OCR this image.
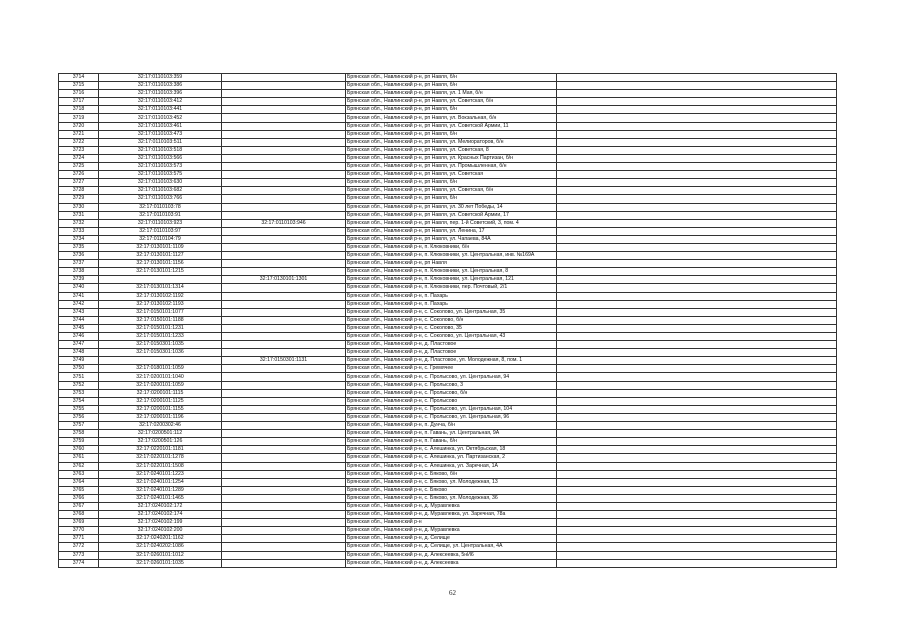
3714	32:17:0110103:359		Брянская обл., Навлинский р-н, рп Навля, б/н	
3715	32:17:0110103:386		Брянская обл., Навлинский р-н, рп Навля, б/н	
3716	32:17:0110103:396		Брянская обл., Навлинский р-н, рп Навля, ул. 1 Мая, б/н	
3717	32:17:0110103:412		Брянская обл., Навлинский р-н, рп Навля, ул. Советская, б/н	
3718	32:17:0110103:441		Брянская обл., Навлинский р-н, рп Навля, б/н	
3719	32:17:0110103:452		Брянская обл., Навлинский р-н, рп Навля, ул. Вокзальная, б/н	
3720	32:17:0110103:461		Брянская обл., Навлинский р-н, рп Навля, ул. Советской Армии, 11	
3721	32:17:0110103:473		Брянская обл., Навлинский р-н, рп Навля, б/н	
3722	32:17:0110103:511		Брянская обл., Навлинский р-н, рп Навля, ул. Мелиораторов, б/н	
3723	32:17:0110103:518		Брянская обл., Навлинский р-н, рп Навля, ул. Советская, 8	
3724	32:17:0110103:566		Брянская обл., Навлинский р-н, рп Навля, ул. Красных Партизан, б/н	
3725	32:17:0110103:573		Брянская обл., Навлинский р-н, рп Навля, ул. Промышленная, б/н	
3726	32:17:0110103:575		Брянская обл., Навлинский р-н, рп Навля, ул. Советская	
3727	32:17:0110103:630		Брянская обл., Навлинский р-н, рп Навля, б/н	
3728	32:17:0110103:682		Брянская обл., Навлинский р-н, рп Навля, ул. Советская, б/н	
3729	32:17:0110103:766		Брянская обл., Навлинский р-н, рп Навля, б/н	
3730	32:17:0110103:78		Брянская обл., Навлинский р-н, рп Навля, ул. 30 лет Победы, 14	
3731	32:17:0110103:91		Брянская обл., Навлинский р-н, рп Навля, ул. Советской Армии, 17	
3732	32:17:0110103:923	32:17:0110103:946	Брянская обл., Навлинский р-н, рп Навля, пер. 1-й Советский, 3, пом. 4	
3733	32:17:0110103:97		Брянская обл., Навлинский р-н, рп Навля, ул. Ленина, 17	
3734	32:17:0110104:79		Брянская обл., Навлинский р-н, рп Навля, ул. Чапаева, 84А	
3735	32:17:0130101:1109		Брянская обл., Навлинский р-н, п. Клюковники, б/н	
3736	32:17:0130101:1127		Брянская обл., Навлинский р-н, п. Клюковники, ул. Центральная, инв. №169А	
3737	32:17:0130101:1156		Брянская обл., Навлинский р-н, рп Навля	
3738	32:17:0130101:1215		Брянская обл., Навлинский р-н, п. Клюковники, ул. Центральная, 8	
3739		32:17:0130101:1301	Брянская обл., Навлинский р-н, п. Клюковники, ул. Центральная, 121	
3740	32:17:0130101:1314		Брянская обл., Навлинский р-н, п. Клюковники, пер. Почтовый, 2/1	
3741	32:17:0130102:1192		Брянская обл., Навлинский р-н, п. Пахарь	
3742	32:17:0130102:1193		Брянская обл., Навлинский р-н, п. Пахарь	
3743	32:17:0150101:1077		Брянская обл., Навлинский р-н, с. Соколово, ул. Центральная, 35	
3744	32:17:0150101:1188		Брянская обл., Навлинский р-н, с. Соколово, б/н	
3745	32:17:0150101:1231		Брянская обл., Навлинский р-н, с. Соколово, 35	
3746	32:17:0150101:1233		Брянская обл., Навлинский р-н, с. Соколово, ул. Центральная, 43	
3747	32:17:0150301:1035		Брянская обл., Навлинский р-н, д. Пластовое	
3748	32:17:0150301:1036		Брянская обл., Навлинский р-н, д. Пластовое	
3749		32:17:0150301:1131	Брянская обл., Навлинский р-н, д. Пластовое, ул. Молодежная, 8, пом. 1	
3750	32:17:0180101:1059		Брянская обл., Навлинский р-н, с. Гремячее	
3751	32:17:0200101:1040		Брянская обл., Навлинский р-н, с. Пролысово, ул. Центральная, 94	
3752	32:17:0200101:1059		Брянская обл., Навлинский р-н, с. Пролысово, 3	
3753	32:17:0200101:1115		Брянская обл., Навлинский р-н, с. Пролысово, б/н	
3754	32:17:0200101:1125		Брянская обл., Навлинский р-н, с. Пролысово	
3755	32:17:0200101:1155		Брянская обл., Навлинский р-н, с. Пролысово, ул. Центральная, 104	
3756	32:17:0200101:1196		Брянская обл., Навлинский р-н, с. Пролысово, ул. Центральная, 96	
3757	32:17:0200302:46		Брянская обл., Навлинский р-н, п. Дунча, б/н	
3758	32:17:0200501:112		Брянская обл., Навлинский р-н, п. Гавань, ул. Центральная, 9А	
3759	32:17:0200501:126		Брянская обл., Навлинский р-н, п. Гавань, б/н	
3760	32:17:0220101:1181		Брянская обл., Навлинский р-н, с. Алешинка, ул. Октябрьская, 18	
3761	32:17:0220101:1278		Брянская обл., Навлинский р-н, с. Алешинка, ул. Партизанская, 2	
3762	32:17:0220101:1508		Брянская обл., Навлинский р-н, с. Алешинка, ул. Заречная, 1А	
3763	32:17:0240101:1223		Брянская обл., Навлинский р-н, с. Бяково, б/н	
3764	32:17:0240101:1254		Брянская обл., Навлинский р-н, с. Бяково, ул. Молодежная, 13	
3765	32:17:0240101:1289		Брянская обл., Навлинский р-н, с. Бяково	
3766	32:17:0240101:1465		Брянская обл., Навлинский р-н, с. Бяково, ул. Молодежная, 36	
3767	32:17:0240102:172		Брянская обл., Навлинский р-н, д. Муравлевка	
3768	32:17:0240102:174		Брянская обл., Навлинский р-н, д. Муравлевка, ул. Заречная, 78а	
3769	32:17:0240102:199		Брянская обл., Навлинский р-н	
3770	32:17:0240102:200		Брянская обл., Навлинский р-н, д. Муравлевка	
3771	32:17:0240201:1162		Брянская обл., Навлинский р-н, д. Селище	
3772	32:17:0240202:1086		Брянская обл., Навлинский р-н, д. Селище, ул. Центральная, 4А	
3773	32:17:0260101:1012		Брянская обл., Навлинский р-н, д. Алексеевка, 5нИ6	
3774	32:17:0260101:1035		Брянская обл., Навлинский р-н, д. Алексеевка	
62
